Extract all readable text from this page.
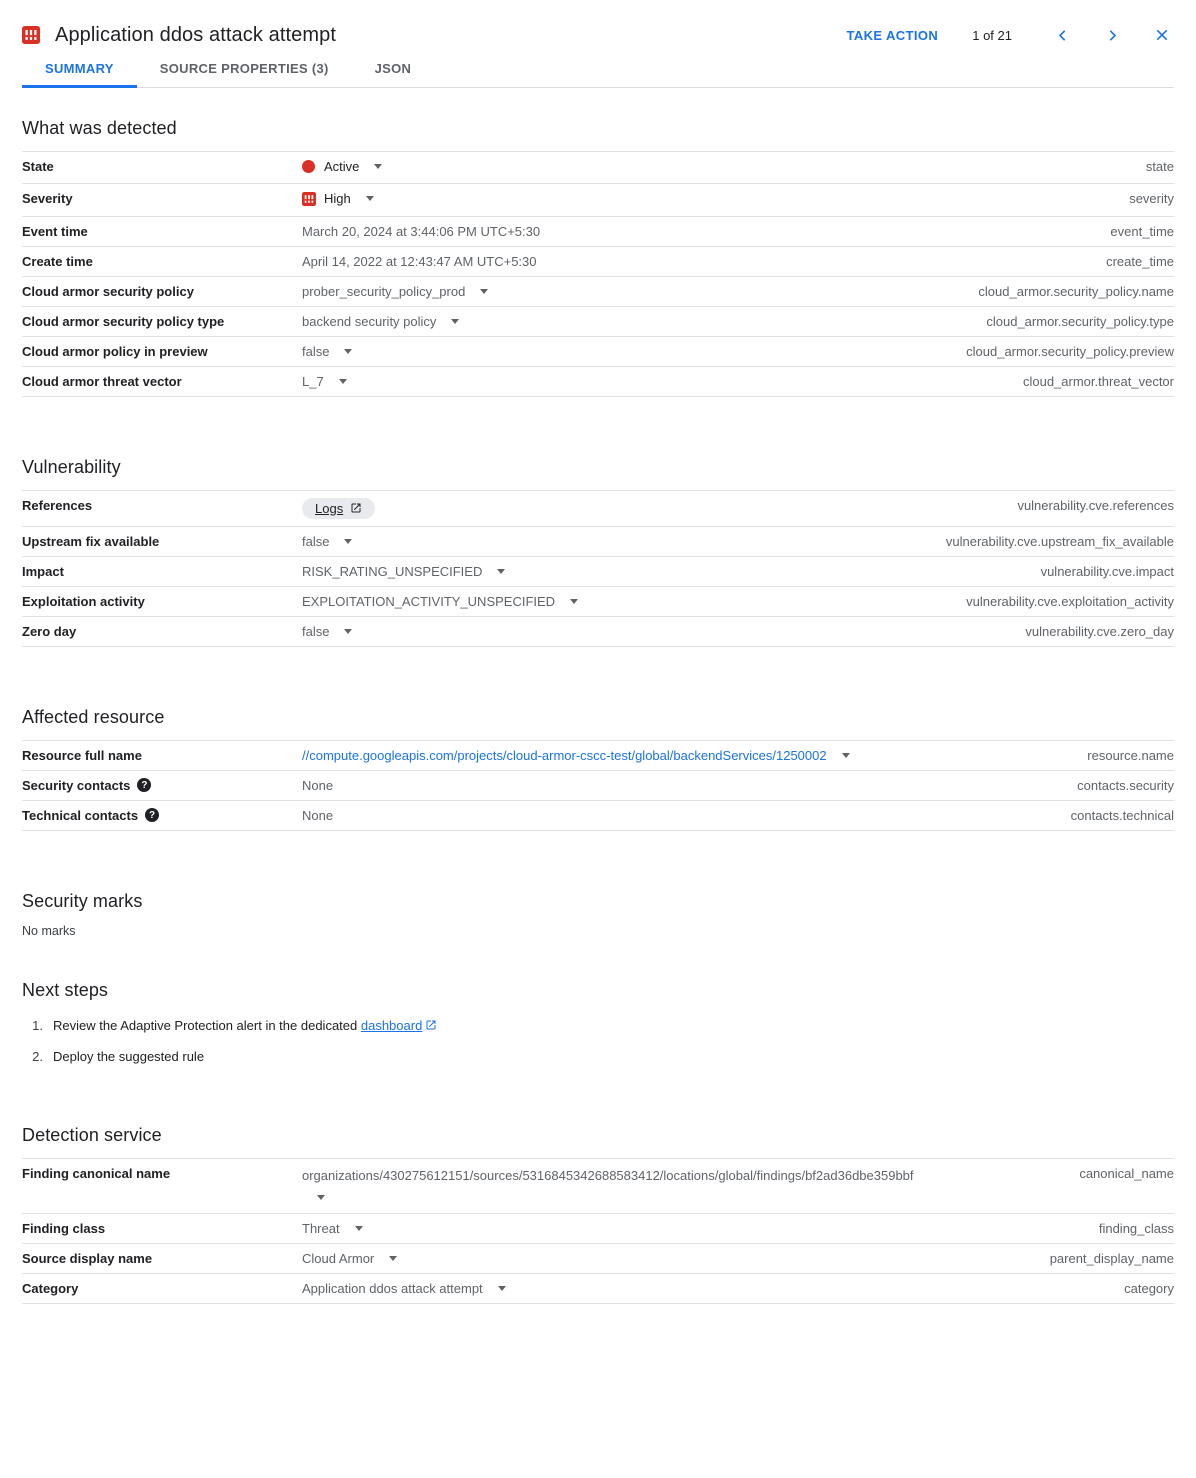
Application ddos attack attempt	TAKE ACTION	1 of 21
SUMMARY	SOURCE PROPERTIES (3)	JSON
What was detected
State	Active	state
Severity	High	severity
Event time	March 20, 2024 at 3:44:06 PM UTC+5:30	event_time
Create time	April 14, 2022 at 12:43:47 AM UTC+5:30	create_time
Cloud armor security policy	prober_security_policy_prod	cloud_armor.security_policy.name
Cloud armor security policy type	backend security policy	cloud_armor.security_policy.type
Cloud armor policy in preview	false	cloud_armor.security_policy.preview
Cloud armor threat vector	L_7	cloud_armor.threat_vector
Vulnerability
References	Logs	vulnerability.cve.references
Upstream fix available	false	vulnerability.cve.upstream_fix_available
Impact	RISK_RATING_UNSPECIFIED	vulnerability.cve.impact
Exploitation activity	EXPLOITATION_ACTIVITY_UNSPECIFIED	vulnerability.cve.exploitation_activity
Zero day	false	vulnerability.cve.zero_day
Affected resource
Resource full name	//compute.googleapis.com/projects/cloud-armor-cscc-test/global/backendServices/1250002	resource.name
Security contacts	?	None	contacts.security
Technical contacts	?	None	contacts.technical
Security marks
No marks
Next steps
1. Review the Adaptive Protection alert in the dedicated dashboard
2. Deploy the suggested rule
Detection service
Finding canonical name	organizations/430275612151/sources/5316845342688583412/locations/global/findings/bf2ad36dbe359bbf	canonical_name
Finding class	Threat	finding_class
Source display name	Cloud Armor	parent_display_name
Category	Application ddos attack attempt	category
